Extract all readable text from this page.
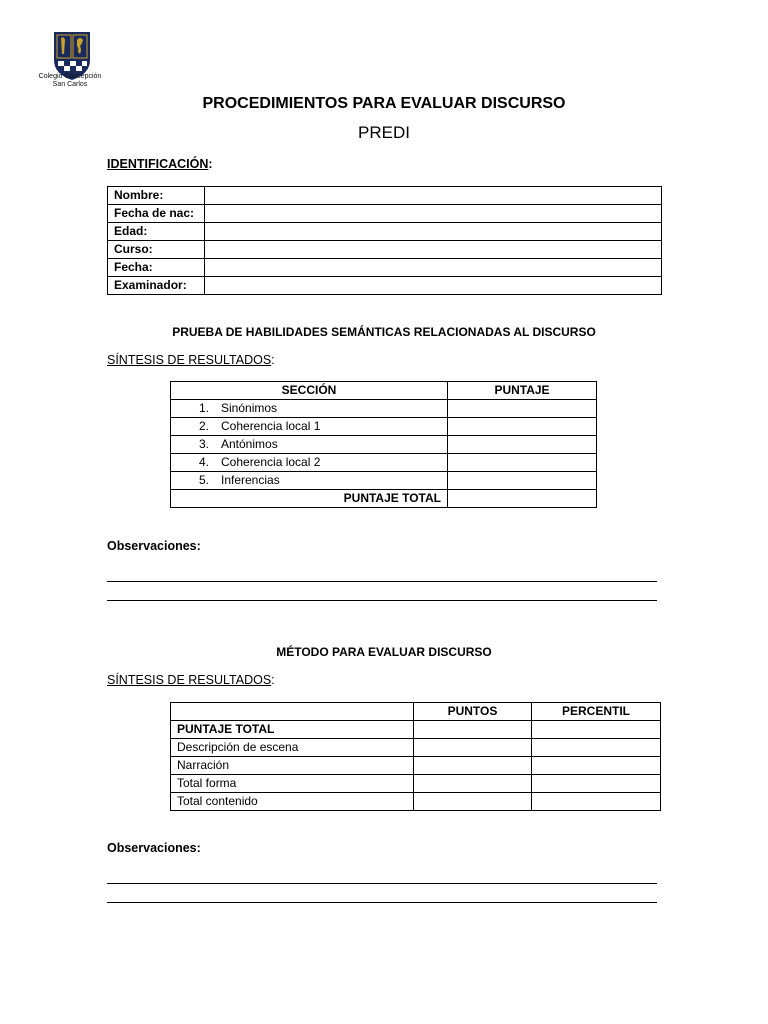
Colegio Concepción
San Carlos
PROCEDIMIENTOS PARA EVALUAR DISCURSO
PREDI
IDENTIFICACIÓN:
Nombre:	
Fecha de nac:	
Edad:	
Curso:	
Fecha:	
Examinador:	
PRUEBA DE HABILIDADES SEMÁNTICAS RELACIONADAS AL DISCURSO
SÍNTESIS DE RESULTADOS:
SECCIÓN	PUNTAJE
1. Sinónimos	
2. Coherencia local 1	
3. Antónimos	
4. Coherencia local 2	
5. Inferencias	
PUNTAJE TOTAL	
Observaciones:
MÉTODO PARA EVALUAR DISCURSO
SÍNTESIS DE RESULTADOS:
	PUNTOS	PERCENTIL
PUNTAJE TOTAL		
Descripción de escena		
Narración		
Total forma		
Total contenido		
Observaciones:
